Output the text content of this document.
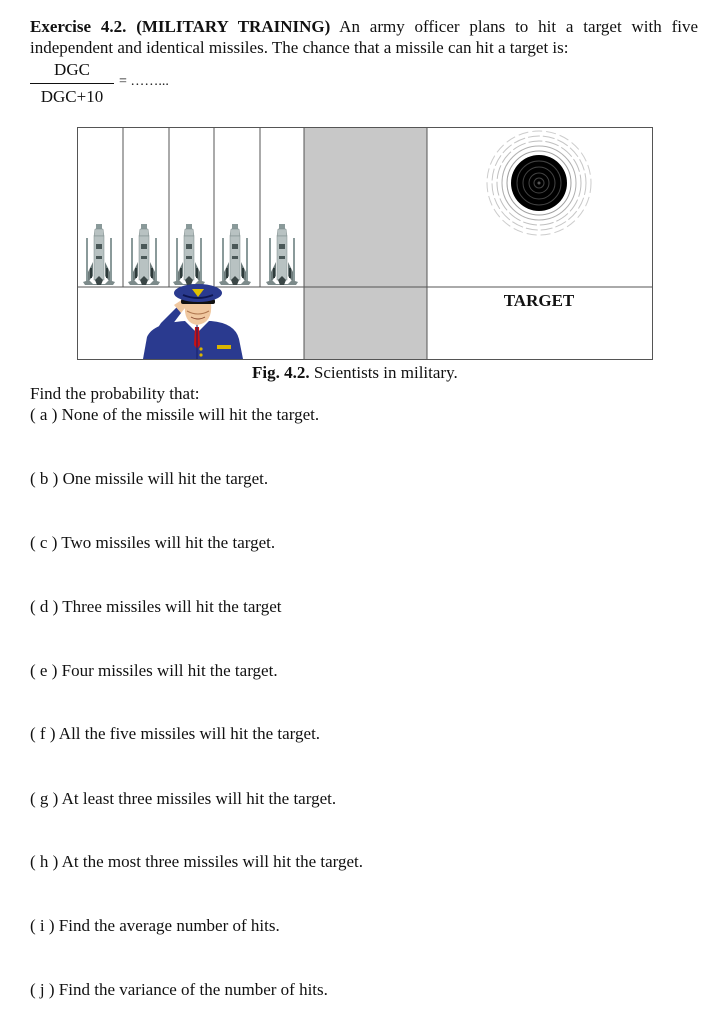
Exercise 4.2. (MILITARY TRAINING) An army officer plans to hit a target with five independent and identical missiles. The chance that a missile can hit a target is:
DGC
DGC+10
= ……...
TARGET
Fig. 4.2. Scientists in military.
Find the probability that:
( a ) None of the missile will hit the target.
( b ) One missile will hit the target.
( c ) Two missiles will hit the target.
( d ) Three missiles will hit the target
( e ) Four missiles will hit the target.
( f ) All the five missiles will hit the target.
( g ) At least three missiles will hit the target.
( h ) At the most three missiles will hit the target.
( i ) Find the average number of hits.
( j ) Find the variance of the number of hits.
